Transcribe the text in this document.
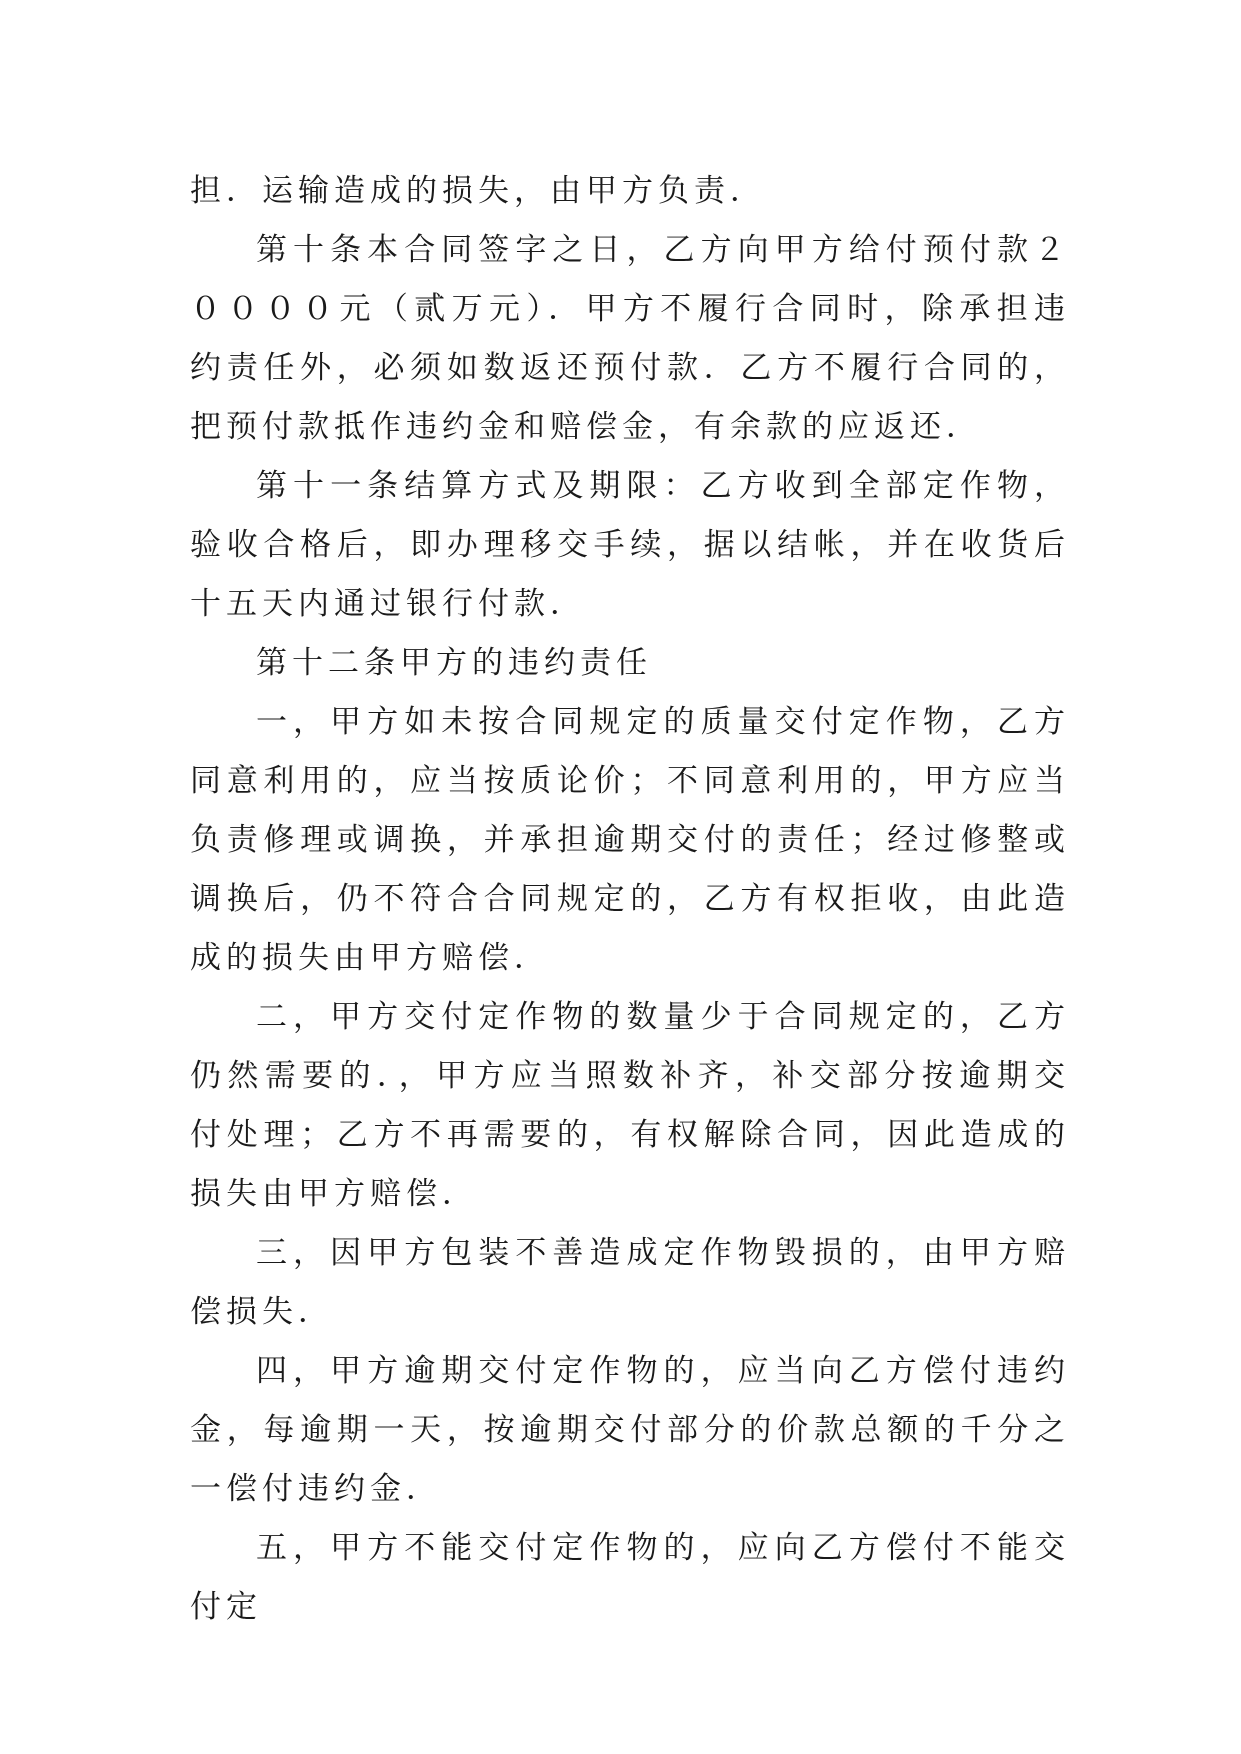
担．运输造成的损失，由甲方负责．

第十条本合同签字之日，乙方向甲方给付预付款２００００元（贰万元）．甲方不履行合同时，除承担违约责任外，必须如数返还预付款．乙方不履行合同的，把预付款抵作违约金和赔偿金，有余款的应返还．

第十一条结算方式及期限：乙方收到全部定作物，验收合格后，即办理移交手续，据以结帐，并在收货后十五天内通过银行付款．

第十二条甲方的违约责任

一，甲方如未按合同规定的质量交付定作物，乙方同意利用的，应当按质论价；不同意利用的，甲方应当负责修理或调换，并承担逾期交付的责任；经过修整或调换后，仍不符合合同规定的，乙方有权拒收，由此造成的损失由甲方赔偿．

二，甲方交付定作物的数量少于合同规定的，乙方仍然需要的．，甲方应当照数补齐，补交部分按逾期交付处理；乙方不再需要的，有权解除合同，因此造成的损失由甲方赔偿．

三，因甲方包装不善造成定作物毁损的，由甲方赔偿损失．

四，甲方逾期交付定作物的，应当向乙方偿付违约金，每逾期一天，按逾期交付部分的价款总额的千分之一偿付违约金．

五，甲方不能交付定作物的，应向乙方偿付不能交付定
